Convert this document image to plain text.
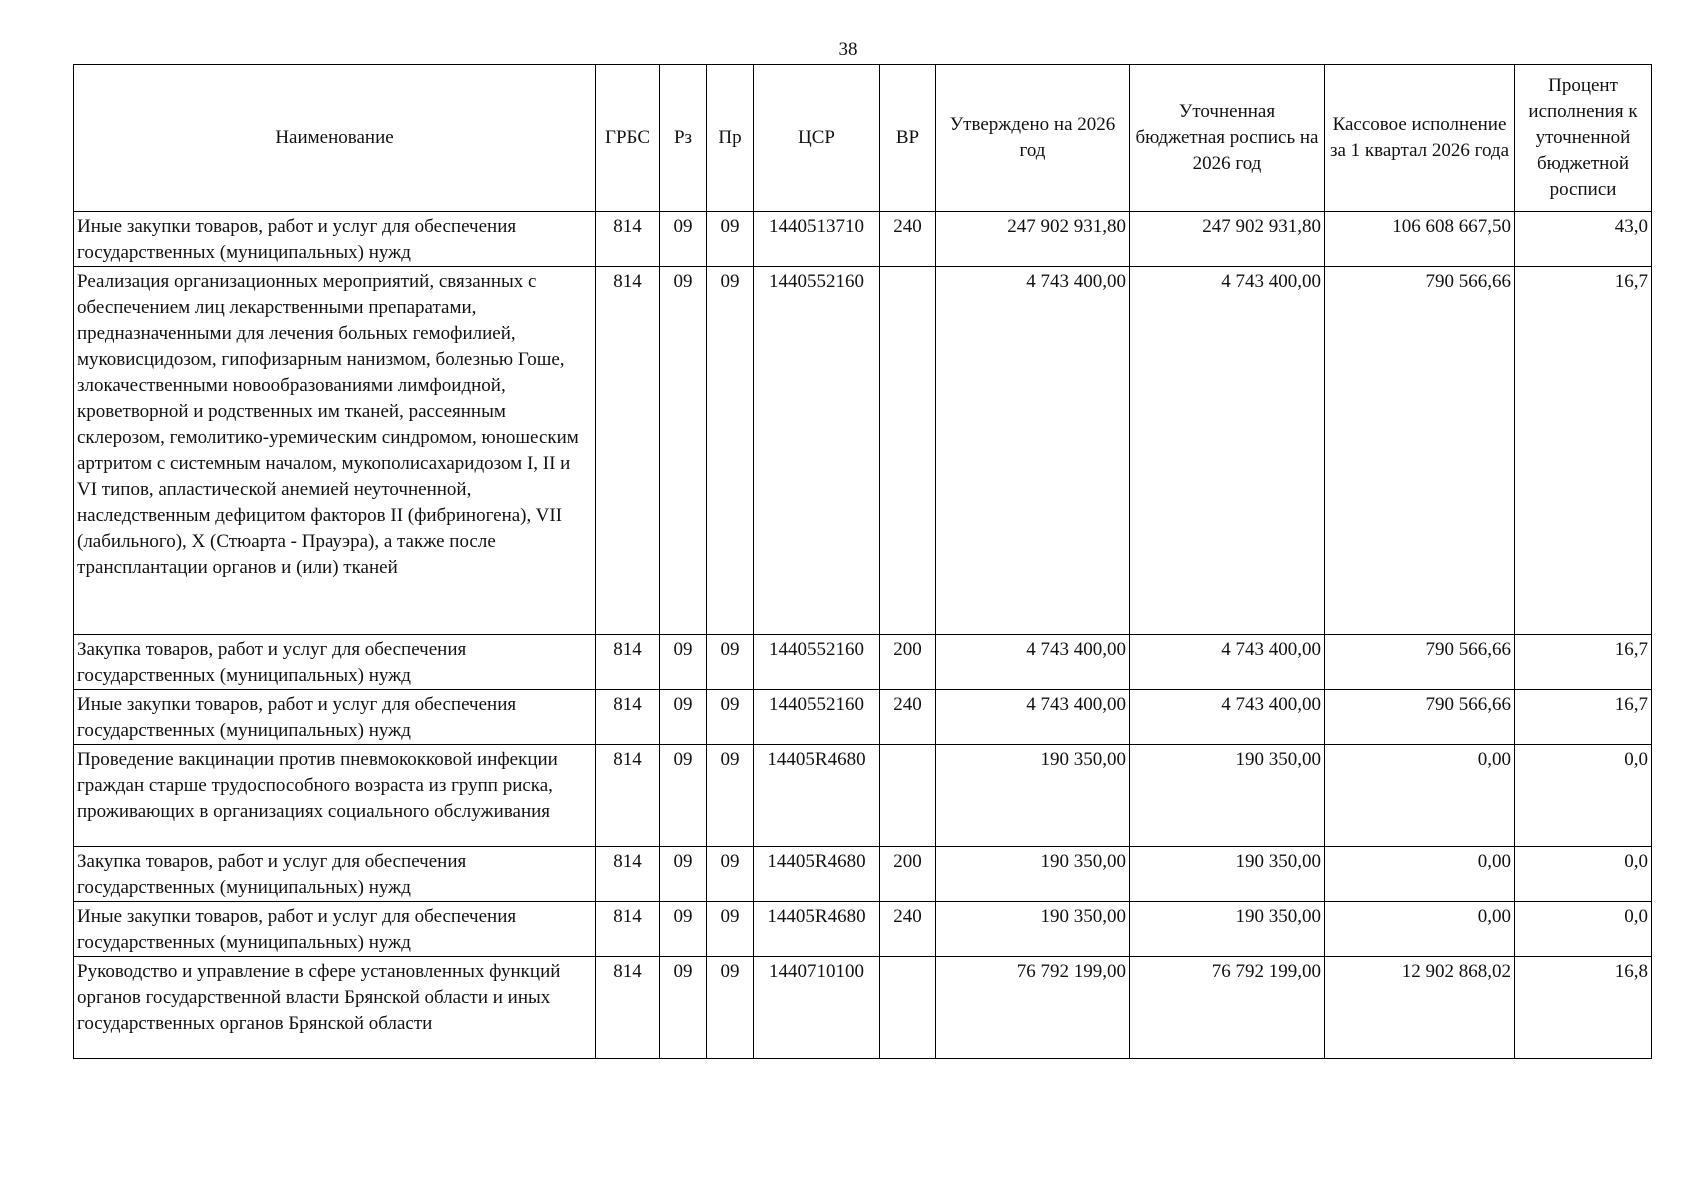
38
Наименование	ГРБС	Рз	Пр	ЦСР	ВР	Утверждено на 2026 год	Уточненная бюджетная роспись на 2026 год	Кассовое исполнение за 1 квартал 2026 года	Процент исполнения к уточненной бюджетной росписи
Иные закупки товаров, работ и услуг для обеспечения государственных (муниципальных) нужд	814	09	09	1440513710	240	247 902 931,80	247 902 931,80	106 608 667,50	43,0
Реализация организационных мероприятий, связанных с обеспечением лиц лекарственными препаратами, предназначенными для лечения больных гемофилией, муковисцидозом, гипофизарным нанизмом, болезнью Гоше, злокачественными новообразованиями лимфоидной, кроветворной и родственных им тканей, рассеянным склерозом, гемолитико-уремическим синдромом, юношеским артритом с системным началом, мукополисахаридозом I, II и VI типов, апластической анемией неуточненной, наследственным дефицитом факторов II (фибриногена), VII (лабильного), X (Стюарта - Прауэра), а также после трансплантации органов и (или) тканей	814	09	09	1440552160		4 743 400,00	4 743 400,00	790 566,66	16,7
Закупка товаров, работ и услуг для обеспечения государственных (муниципальных) нужд	814	09	09	1440552160	200	4 743 400,00	4 743 400,00	790 566,66	16,7
Иные закупки товаров, работ и услуг для обеспечения государственных (муниципальных) нужд	814	09	09	1440552160	240	4 743 400,00	4 743 400,00	790 566,66	16,7
Проведение вакцинации против пневмококковой инфекции граждан старше трудоспособного возраста из групп риска, проживающих в организациях социального обслуживания	814	09	09	14405R4680		190 350,00	190 350,00	0,00	0,0
Закупка товаров, работ и услуг для обеспечения государственных (муниципальных) нужд	814	09	09	14405R4680	200	190 350,00	190 350,00	0,00	0,0
Иные закупки товаров, работ и услуг для обеспечения государственных (муниципальных) нужд	814	09	09	14405R4680	240	190 350,00	190 350,00	0,00	0,0
Руководство и управление в сфере установленных функций органов государственной власти Брянской области и иных государственных органов Брянской области	814	09	09	1440710100		76 792 199,00	76 792 199,00	12 902 868,02	16,8
